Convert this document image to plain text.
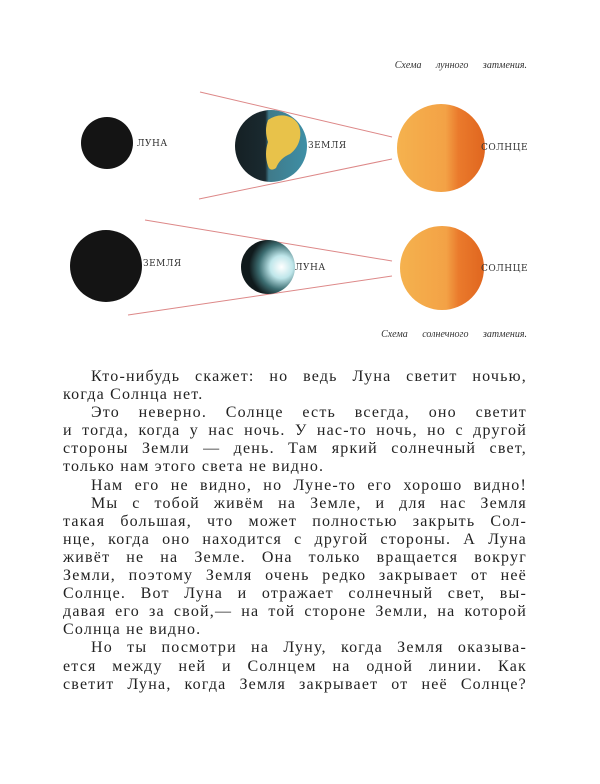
ЛУНА	ЗЕМЛЯ	СОЛНЦЕ
ЗЕМЛЯ	ЛУНА	СОЛНЦЕ
Схема лунного затмения.
Схема солнечного затмения.
Кто-нибудь скажет: но ведь Луна светит ночью,
когда Солнца нет.
Это неверно. Солнце есть всегда, оно светит
и тогда, когда у нас ночь. У нас-то ночь, но с другой
стороны Земли — день. Там яркий солнечный свет,
только нам этого света не видно.
Нам его не видно, но Луне-то его хорошо видно!
Мы с тобой живём на Земле, и для нас Земля
такая большая, что может полностью закрыть Сол-
нце, когда оно находится с другой стороны. А Луна
живёт не на Земле. Она только вращается вокруг
Земли, поэтому Земля очень редко закрывает от неё
Солнце. Вот Луна и отражает солнечный свет, вы-
давая его за свой,— на той стороне Земли, на которой
Солнца не видно.
Но ты посмотри на Луну, когда Земля оказыва-
ется между ней и Солнцем на одной линии. Как
светит Луна, когда Земля закрывает от неё Солнце?
